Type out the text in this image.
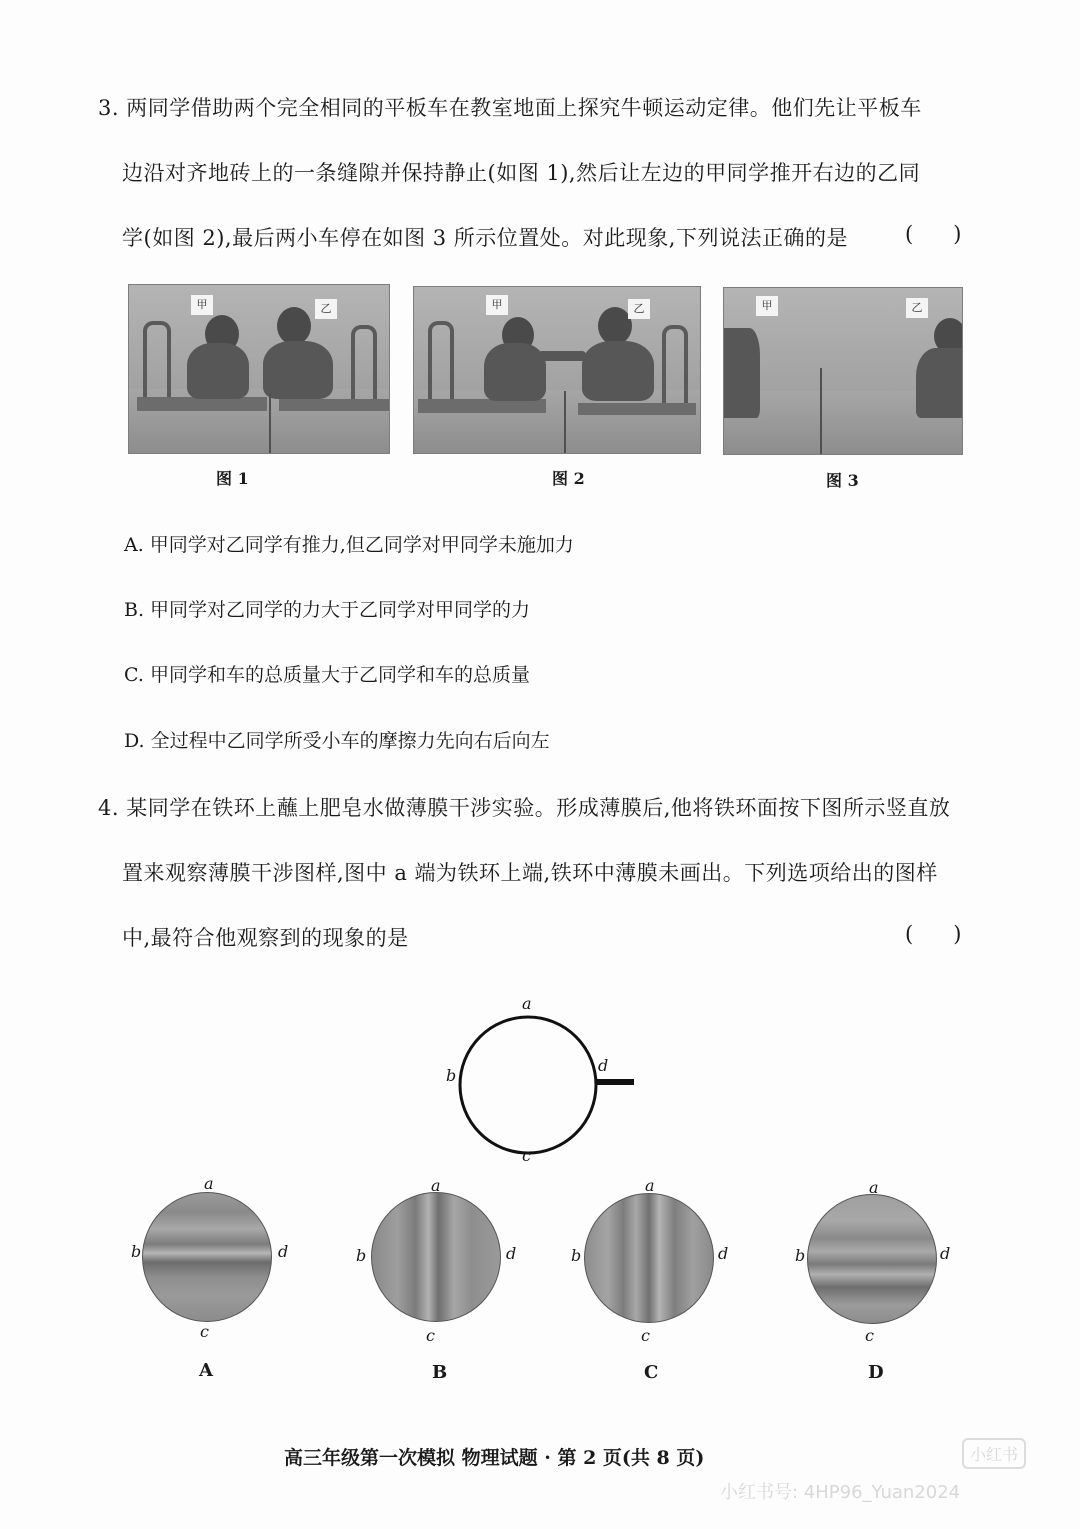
3. 两同学借助两个完全相同的平板车在教室地面上探究牛顿运动定律。他们先让平板车
边沿对齐地砖上的一条缝隙并保持静止(如图 1),然后让左边的甲同学推开右边的乙同
学(如图 2),最后两小车停在如图 3 所示位置处。对此现象,下列说法正确的是	(      )
甲	乙
图 1
甲	乙
图 2
甲	乙
图 3
A. 甲同学对乙同学有推力,但乙同学对甲同学未施加力
B. 甲同学对乙同学的力大于乙同学对甲同学的力
C. 甲同学和车的总质量大于乙同学和车的总质量
D. 全过程中乙同学所受小车的摩擦力先向右后向左
4. 某同学在铁环上蘸上肥皂水做薄膜干涉实验。形成薄膜后,他将铁环面按下图所示竖直放
置来观察薄膜干涉图样,图中 a 端为铁环上端,铁环中薄膜未画出。下列选项给出的图样
中,最符合他观察到的现象的是	(      )
a
b
c
d
a
b
c
d
A
a
b
c
d
B
a
b
c
d
C
a
b
c
d
D
高三年级第一次模拟 物理试题 · 第 2 页(共 8 页)	小红书
小红书号: 4HP96_Yuan2024
